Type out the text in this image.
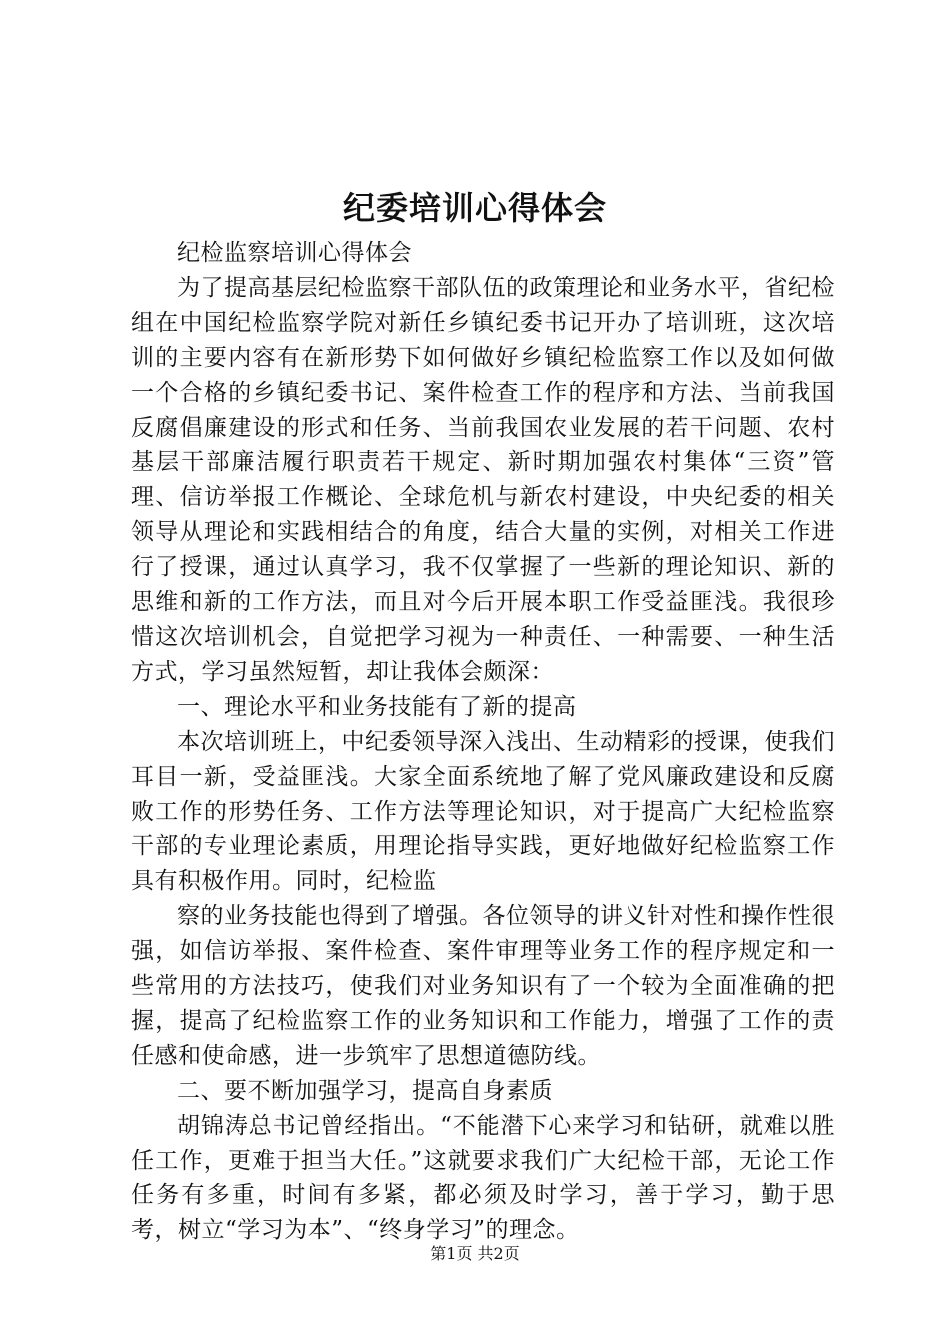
纪委培训心得体会

纪检监察培训心得体会

为了提高基层纪检监察干部队伍的政策理论和业务水平，省纪检组在中国纪检监察学院对新任乡镇纪委书记开办了培训班，这次培训的主要内容有在新形势下如何做好乡镇纪检监察工作以及如何做一个合格的乡镇纪委书记、案件检查工作的程序和方法、当前我国反腐倡廉建设的形式和任务、当前我国农业发展的若干问题、农村基层干部廉洁履行职责若干规定、新时期加强农村集体“三资”管理、信访举报工作概论、全球危机与新农村建设，中央纪委的相关领导从理论和实践相结合的角度，结合大量的实例，对相关工作进行了授课，通过认真学习，我不仅掌握了一些新的理论知识、新的思维和新的工作方法，而且对今后开展本职工作受益匪浅。我很珍惜这次培训机会，自觉把学习视为一种责任、一种需要、一种生活方式，学习虽然短暂，却让我体会颇深：

一、理论水平和业务技能有了新的提高

本次培训班上，中纪委领导深入浅出、生动精彩的授课，使我们耳目一新，受益匪浅。大家全面系统地了解了党风廉政建设和反腐败工作的形势任务、工作方法等理论知识，对于提高广大纪检监察干部的专业理论素质，用理论指导实践，更好地做好纪检监察工作具有积极作用。同时，纪检监

察的业务技能也得到了增强。各位领导的讲义针对性和操作性很强，如信访举报、案件检查、案件审理等业务工作的程序规定和一些常用的方法技巧，使我们对业务知识有了一个较为全面准确的把握，提高了纪检监察工作的业务知识和工作能力，增强了工作的责任感和使命感，进一步筑牢了思想道德防线。

二、要不断加强学习，提高自身素质

胡锦涛总书记曾经指出。“不能潜下心来学习和钻研，就难以胜任工作，更难于担当大任。”这就要求我们广大纪检干部，无论工作任务有多重，时间有多紧，都必须及时学习，善于学习，勤于思考，树立“学习为本”、“终身学习”的理念。

第1页 共2页
